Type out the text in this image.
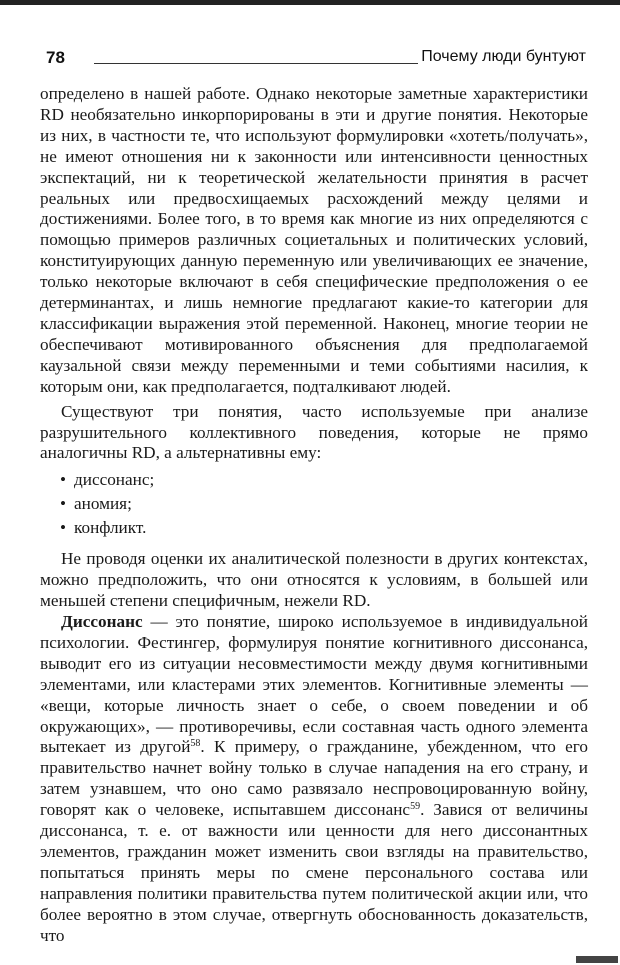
78	Почему люди бунтуют

определено в нашей работе. Однако некоторые заметные характеристики RD необязательно инкорпорированы в эти и другие понятия. Некоторые из них, в частности те, что используют формулировки «хотеть/получать», не имеют отношения ни к законности или интенсивности ценностных экспектаций, ни к теоретической желательности принятия в расчет реальных или предвосхищаемых расхождений между целями и достижениями. Более того, в то время как многие из них определяются с помощью примеров различных социетальных и политических условий, конституирующих данную переменную или увеличивающих ее значение, только некоторые включают в себя специфические предположения о ее детерминантах, и лишь немногие предлагают какие-то категории для классификации выражения этой переменной. Наконец, многие теории не обеспечивают мотивированного объяснения для предполагаемой каузальной связи между переменными и теми событиями насилия, к которым они, как предполагается, подталкивают людей.

Существуют три понятия, часто используемые при анализе разрушительного коллективного поведения, которые не прямо аналогичны RD, а альтернативны ему:

• диссонанс;
• аномия;
• конфликт.

Не проводя оценки их аналитической полезности в других контекстах, можно предположить, что они относятся к условиям, в большей или меньшей степени специфичным, нежели RD.

Диссонанс — это понятие, широко используемое в индивидуальной психологии. Фестингер, формулируя понятие когнитивного диссонанса, выводит его из ситуации несовместимости между двумя когнитивными элементами, или кластерами этих элементов. Когнитивные элементы — «вещи, которые личность знает о себе, о своем поведении и об окружающих», — противоречивы, если составная часть одного элемента вытекает из другой$^{58}$. К примеру, о гражданине, убежденном, что его правительство начнет войну только в случае нападения на его страну, и затем узнавшем, что оно само развязало неспровоцированную войну, говорят как о человеке, испытавшем диссонанс$^{59}$. Завися от величины диссонанса, т. е. от важности или ценности для него диссонантных элементов, гражданин может изменить свои взгляды на правительство, попытаться принять меры по смене персонального состава или направления политики правительства путем политической акции или, что более вероятно в этом случае, отвергнуть обоснованность доказательств, что
